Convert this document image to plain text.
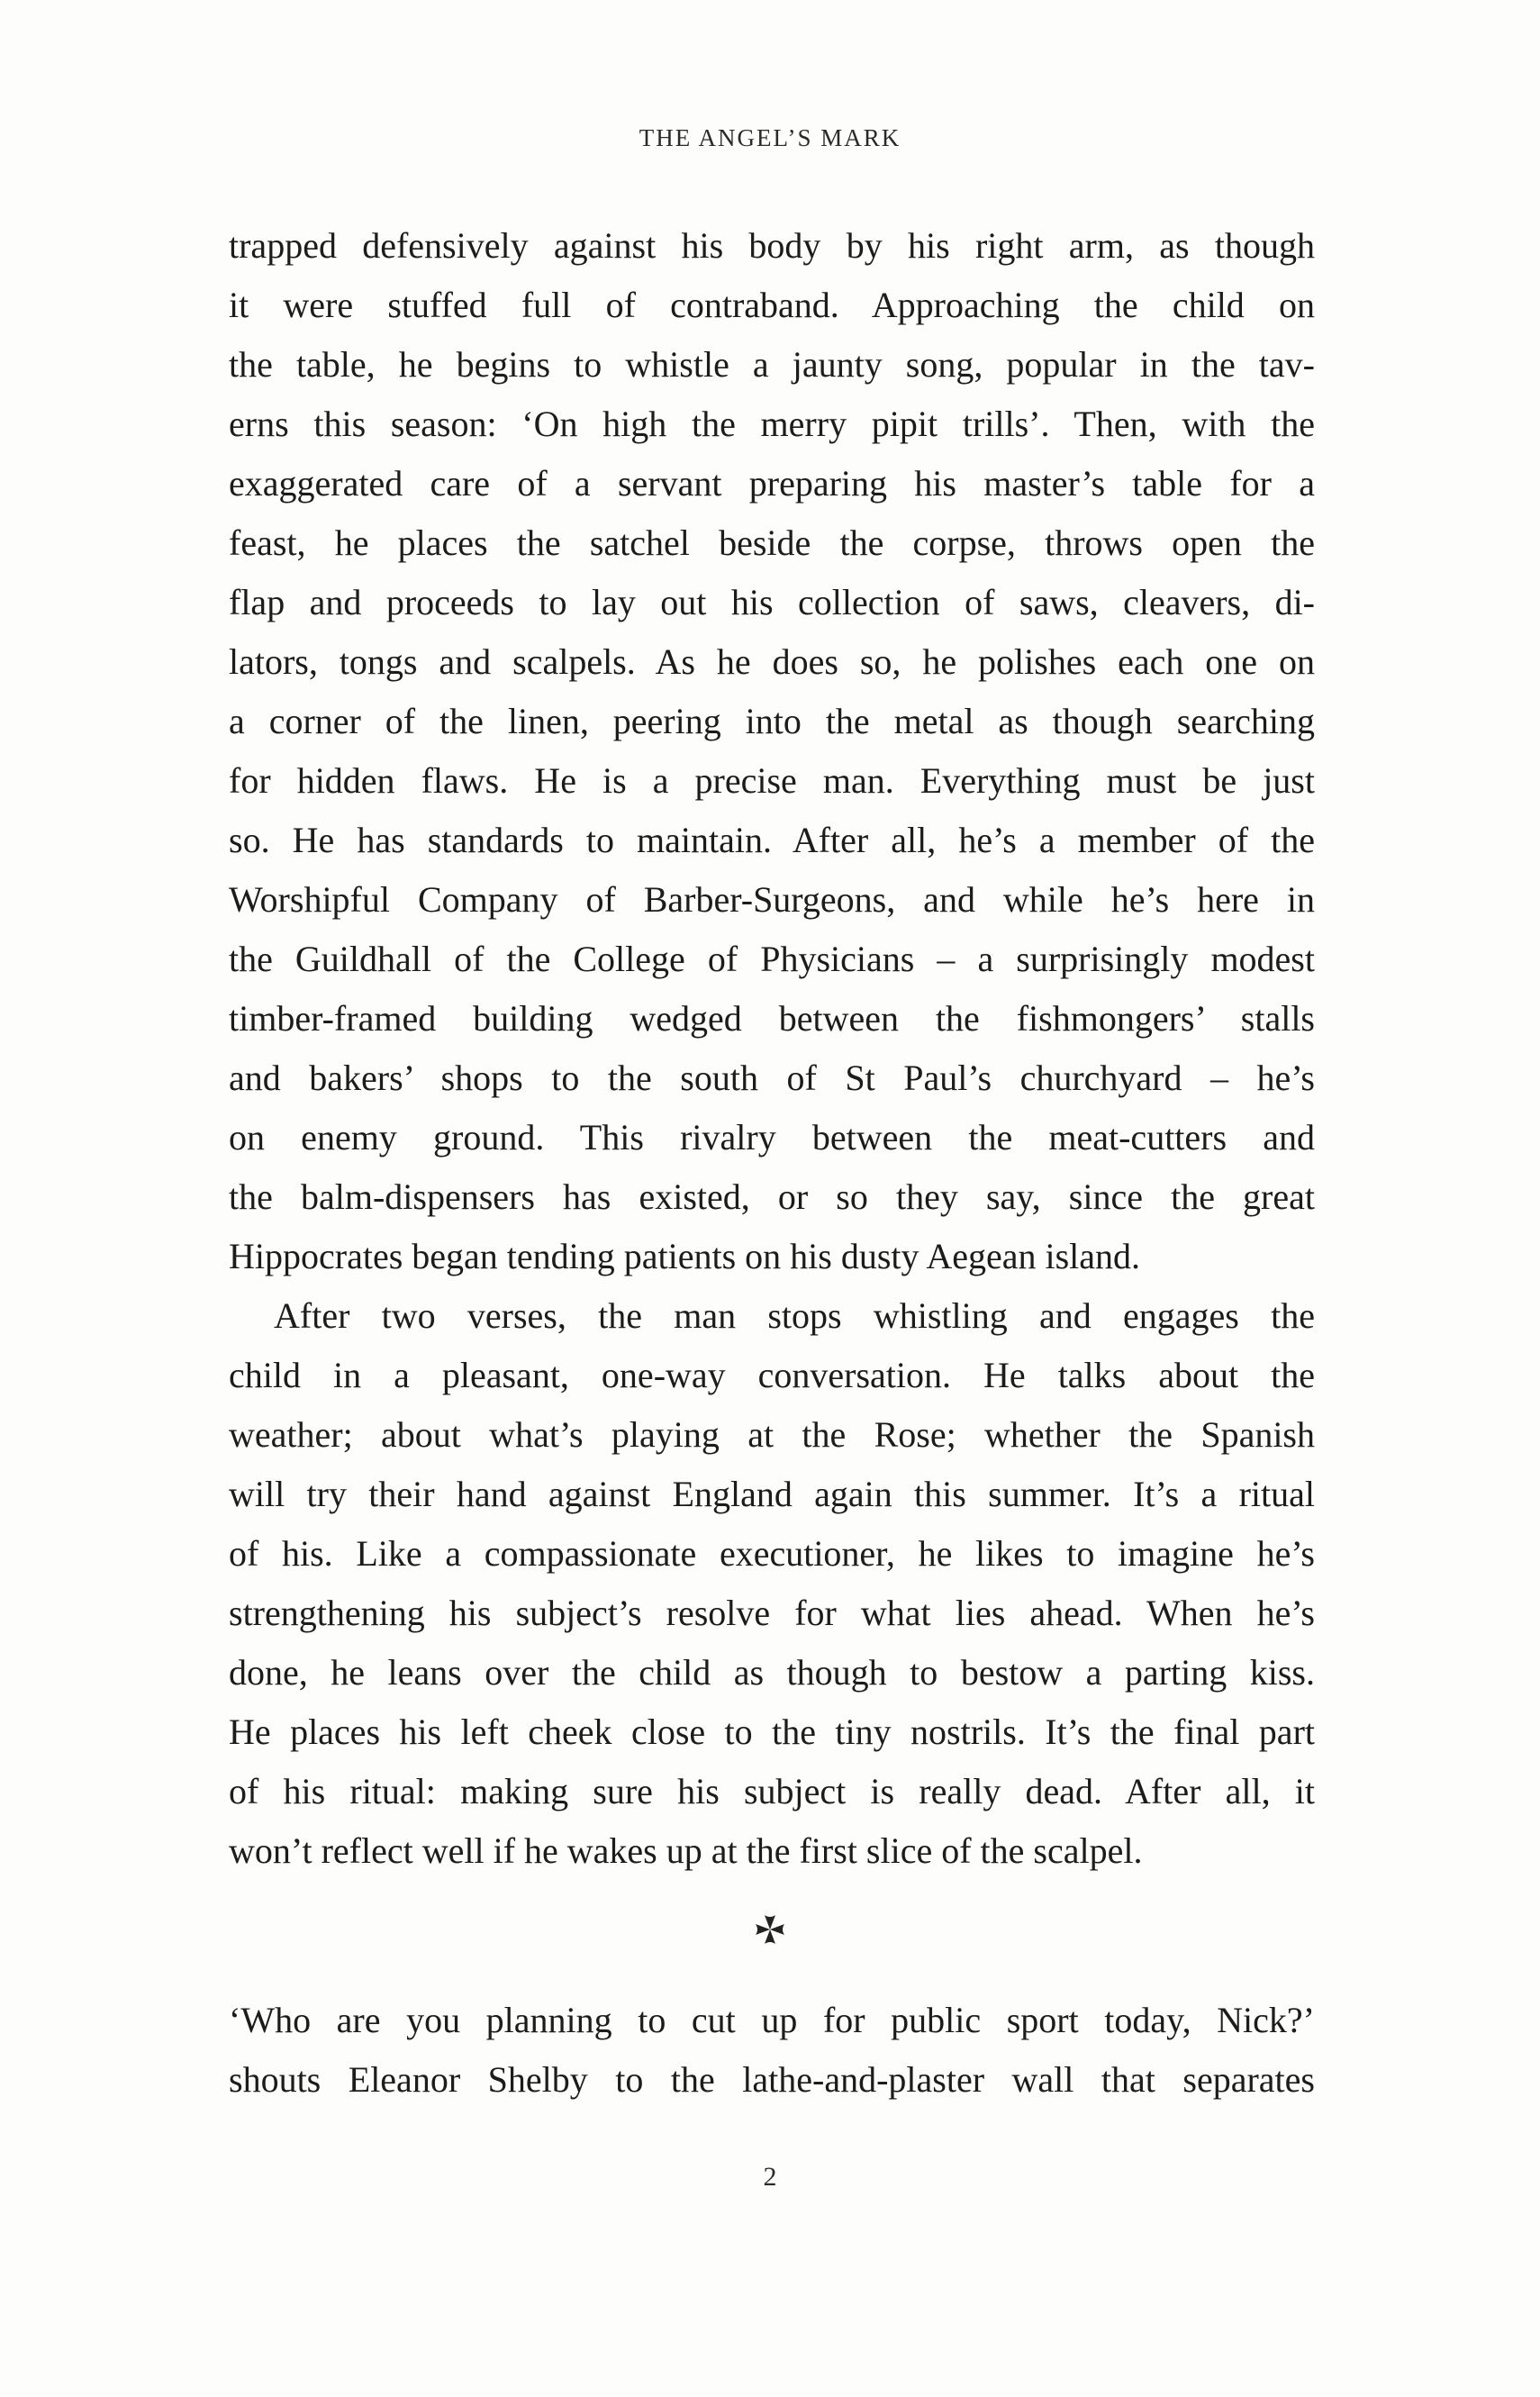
THE ANGEL’S MARK
trapped defensively against his body by his right arm, as though
it were stuffed full of contraband. Approaching the child on
the table, he begins to whistle a jaunty song, popular in the tav-
erns this season: ‘On high the merry pipit trills’. Then, with the
exaggerated care of a servant preparing his master’s table for a
feast, he places the satchel beside the corpse, throws open the
flap and proceeds to lay out his collection of saws, cleavers, di-
lators, tongs and scalpels. As he does so, he polishes each one on
a corner of the linen, peering into the metal as though searching
for hidden flaws. He is a precise man. Everything must be just
so. He has standards to maintain. After all, he’s a member of the
Worshipful Company of Barber-Surgeons, and while he’s here in
the Guildhall of the College of Physicians – a surprisingly modest
timber-framed building wedged between the fishmongers’ stalls
and bakers’ shops to the south of St Paul’s churchyard – he’s
on enemy ground. This rivalry between the meat-cutters and
the balm-dispensers has existed, or so they say, since the great
Hippocrates began tending patients on his dusty Aegean island.
After two verses, the man stops whistling and engages the
child in a pleasant, one-way conversation. He talks about the
weather; about what’s playing at the Rose; whether the Spanish
will try their hand against England again this summer. It’s a ritual
of his. Like a compassionate executioner, he likes to imagine he’s
strengthening his subject’s resolve for what lies ahead. When he’s
done, he leans over the child as though to bestow a parting kiss.
He places his left cheek close to the tiny nostrils. It’s the final part
of his ritual: making sure his subject is really dead. After all, it
won’t reflect well if he wakes up at the first slice of the scalpel.
‘Who are you planning to cut up for public sport today, Nick?’
shouts Eleanor Shelby to the lathe-and-plaster wall that separates
2
